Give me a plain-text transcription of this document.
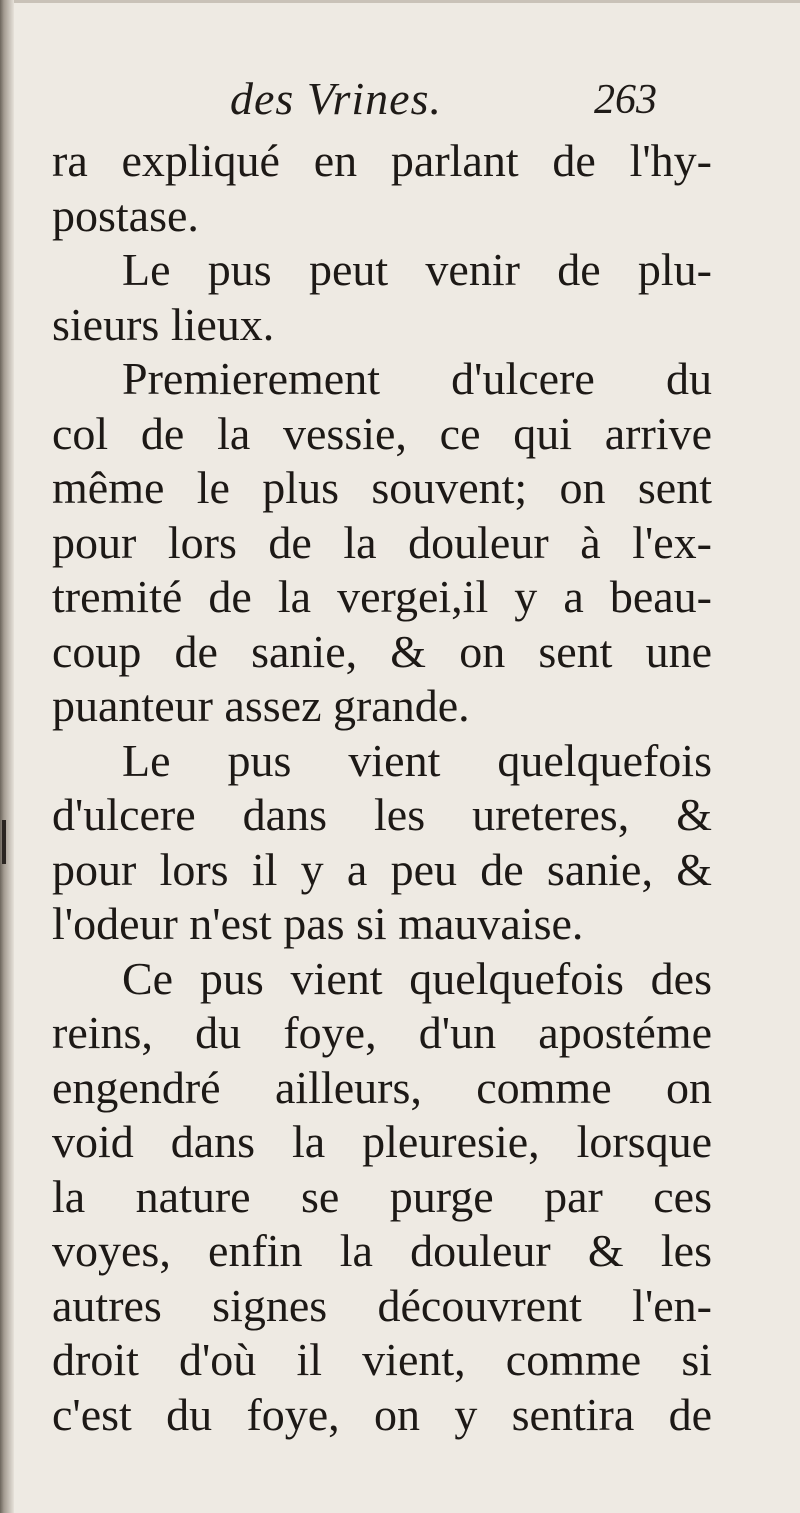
des Vrines.	263
ra expliqué en parlant de l'hy-
postase.
Le pus peut venir de plu-
sieurs lieux.
Premierement d'ulcere du
col de la vessie, ce qui arrive
même le plus souvent; on sent
pour lors de la douleur à l'ex-
tremité de la vergei,il y a beau-
coup de sanie, & on sent une
puanteur assez grande.
Le pus vient quelquefois
d'ulcere dans les ureteres, &
pour lors il y a peu de sanie, &
l'odeur n'est pas si mauvaise.
Ce pus vient quelquefois des
reins, du foye, d'un apostéme
engendré ailleurs, comme on
void dans la pleuresie, lorsque
la nature se purge par ces
voyes, enfin la douleur & les
autres signes découvrent l'en-
droit d'où il vient, comme si
c'est du foye, on y sentira de
